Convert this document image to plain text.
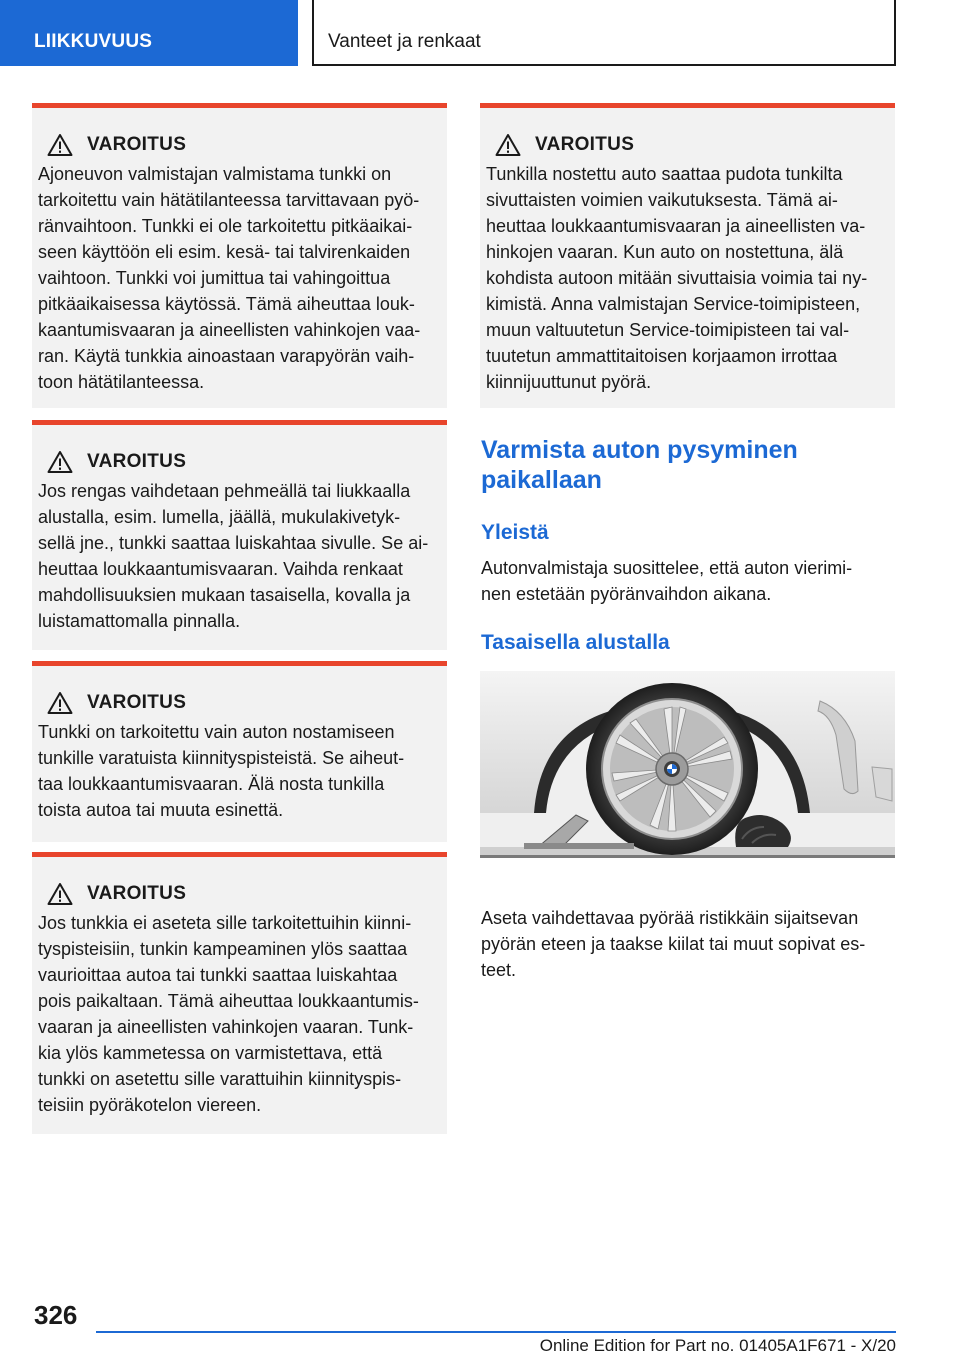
LIIKKUVUUS	Vanteet ja renkaat
VAROITUS
Ajoneuvon valmistajan valmistama tunkki on
tarkoitettu vain hätätilanteessa tarvittavaan pyö‐
ränvaihtoon. Tunkki ei ole tarkoitettu pitkäaikai‐
seen käyttöön eli esim. kesä- tai talvirenkaiden
vaihtoon. Tunkki voi jumittua tai vahingoittua
pitkäaikaisessa käytössä. Tämä aiheuttaa louk‐
kaantumisvaaran ja aineellisten vahinkojen vaa‐
ran. Käytä tunkkia ainoastaan varapyörän vaih‐
toon hätätilanteessa.
VAROITUS
Jos rengas vaihdetaan pehmeällä tai liukkaalla
alustalla, esim. lumella, jäällä, mukulakivetyk‐
sellä jne., tunkki saattaa luiskahtaa sivulle. Se ai‐
heuttaa loukkaantumisvaaran. Vaihda renkaat
mahdollisuuksien mukaan tasaisella, kovalla ja
luistamattomalla pinnalla.
VAROITUS
Tunkki on tarkoitettu vain auton nostamiseen
tunkille varatuista kiinnityspisteistä. Se aiheut‐
taa loukkaantumisvaaran. Älä nosta tunkilla
toista autoa tai muuta esinettä.
VAROITUS
Jos tunkkia ei aseteta sille tarkoitettuihin kiinni‐
tyspisteisiin, tunkin kampeaminen ylös saattaa
vaurioittaa autoa tai tunkki saattaa luiskahtaa
pois paikaltaan. Tämä aiheuttaa loukkaantumis‐
vaaran ja aineellisten vahinkojen vaaran. Tunk‐
kia ylös kammetessa on varmistettava, että
tunkki on asetettu sille varattuihin kiinnityspis‐
teisiin pyöräkotelon viereen.
VAROITUS
Tunkilla nostettu auto saattaa pudota tunkilta
sivuttaisten voimien vaikutuksesta. Tämä ai‐
heuttaa loukkaantumisvaaran ja aineellisten va‐
hinkojen vaaran. Kun auto on nostettuna, älä
kohdista autoon mitään sivuttaisia voimia tai ny‐
kimistä. Anna valmistajan Service-toimipisteen,
muun valtuutetun Service-toimipisteen tai val‐
tuutetun ammattitaitoisen korjaamon irrottaa
kiinnijuuttunut pyörä.
Varmista auton pysyminen
paikallaan
Yleistä
Autonvalmistaja suosittelee, että auton vierimi‐
nen estetään pyöränvaihdon aikana.
Tasaisella alustalla
Aseta vaihdettavaa pyörää ristikkäin sijaitsevan
pyörän eteen ja taakse kiilat tai muut sopivat es‐
teet.
326
Online Edition for Part no. 01405A1F671 - X/20
